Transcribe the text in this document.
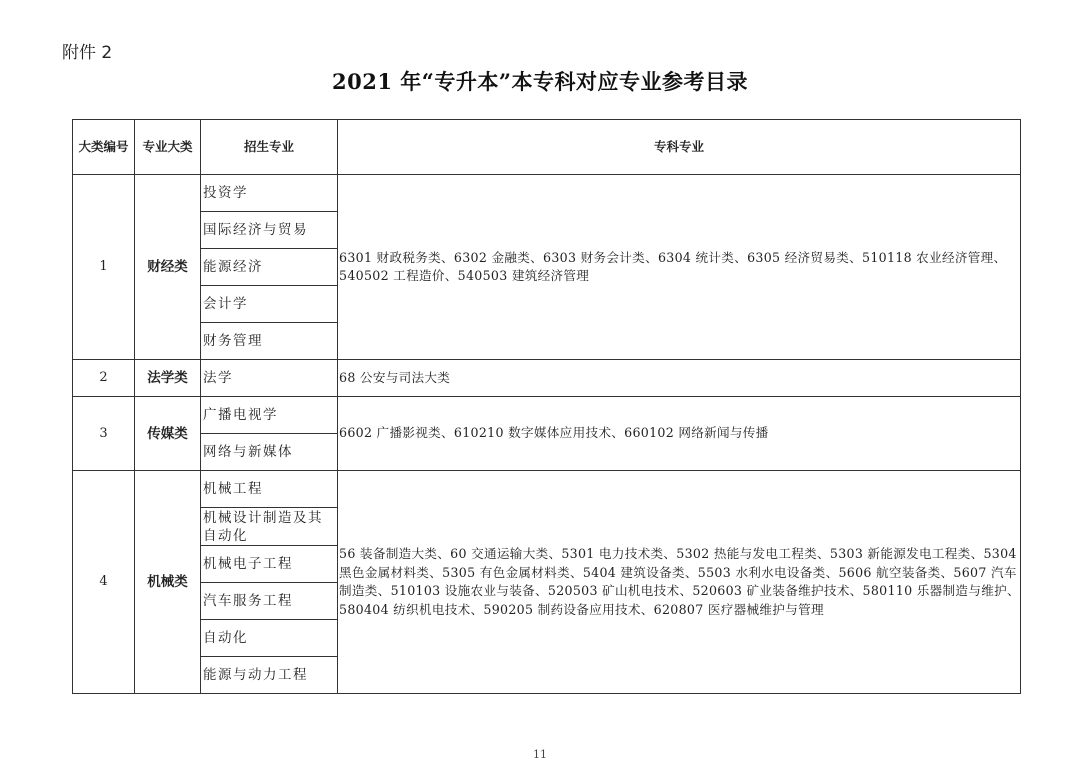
附件 2
2021 年“专升本”本专科对应专业参考目录
大类编号	专业大类	招生专业	专科专业
1	财经类	投资学	6301 财政税务类、6302 金融类、6303 财务会计类、6304 统计类、6305 经济贸易类、510118 农业经济管理、540502 工程造价、540503 建筑经济管理
		国际经济与贸易	
		能源经济	
		会计学	
		财务管理	
2	法学类	法学	68 公安与司法大类
3	传媒类	广播电视学	6602 广播影视类、610210 数字媒体应用技术、660102 网络新闻与传播
		网络与新媒体	
4	机械类	机械工程	56 装备制造大类、60 交通运输大类、5301 电力技术类、5302 热能与发电工程类、5303 新能源发电工程类、5304 黑色金属材料类、5305 有色金属材料类、5404 建筑设备类、5503 水利水电设备类、5606 航空装备类、5607 汽车制造类、510103 设施农业与装备、520503 矿山机电技术、520603 矿业装备维护技术、580110 乐器制造与维护、580404 纺织机电技术、590205 制药设备应用技术、620807 医疗器械维护与管理
		机械设计制造及其自动化	
		机械电子工程	
		汽车服务工程	
		自动化	
		能源与动力工程	
11
